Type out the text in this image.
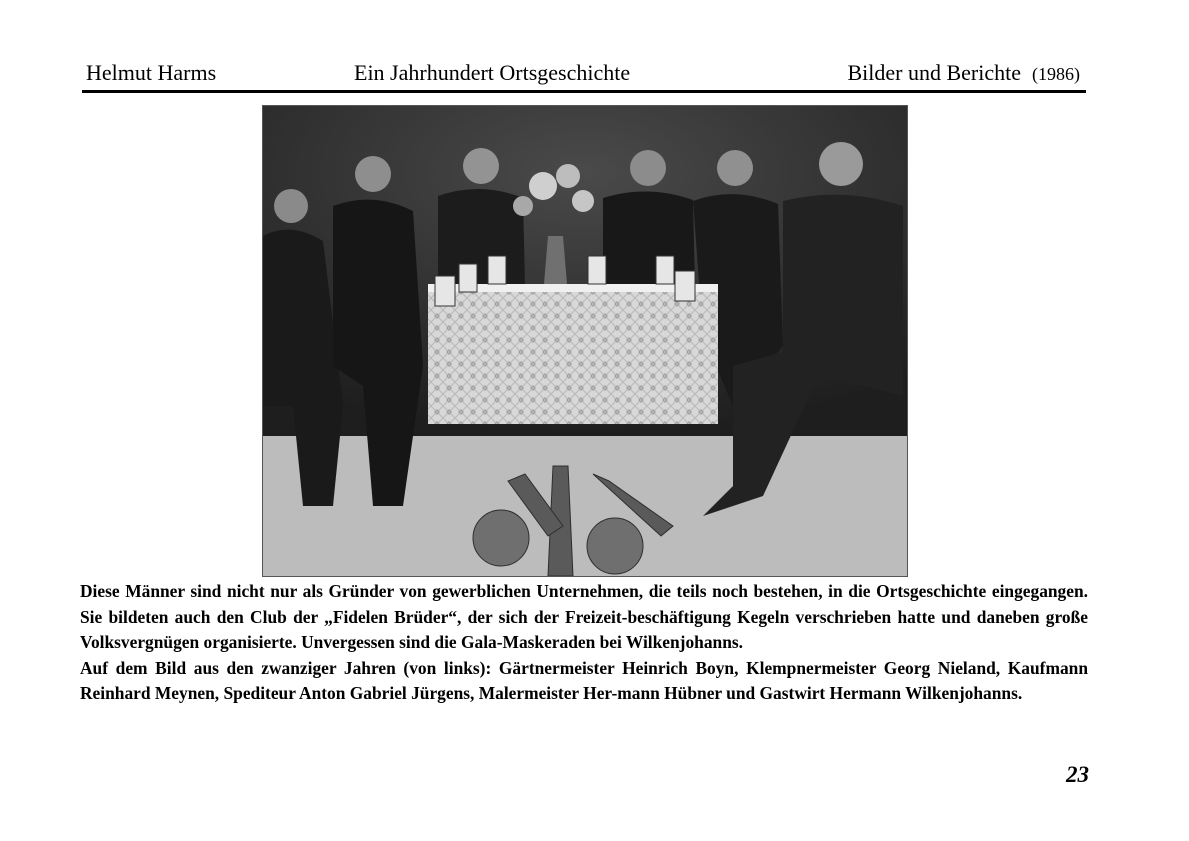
Helmut Harms	Ein Jahrhundert Ortsgeschichte	Bilder und Berichte (1986)

Diese Männer sind nicht nur als Gründer von gewerblichen Unternehmen, die teils noch bestehen, in die Ortsgeschichte eingegangen. Sie bildeten auch den Club der „Fidelen Brüder“, der sich der Freizeit-beschäftigung Kegeln verschrieben hatte und daneben große Volksvergnügen organisierte. Unvergessen sind die Gala-Maskeraden bei Wilkenjohanns.

Auf dem Bild aus den zwanziger Jahren (von links): Gärtnermeister Heinrich Boyn, Klempnermeister Georg Nieland, Kaufmann Reinhard Meynen, Spediteur Anton Gabriel Jürgens, Malermeister Her-mann Hübner und Gastwirt Hermann Wilkenjohanns.

23
